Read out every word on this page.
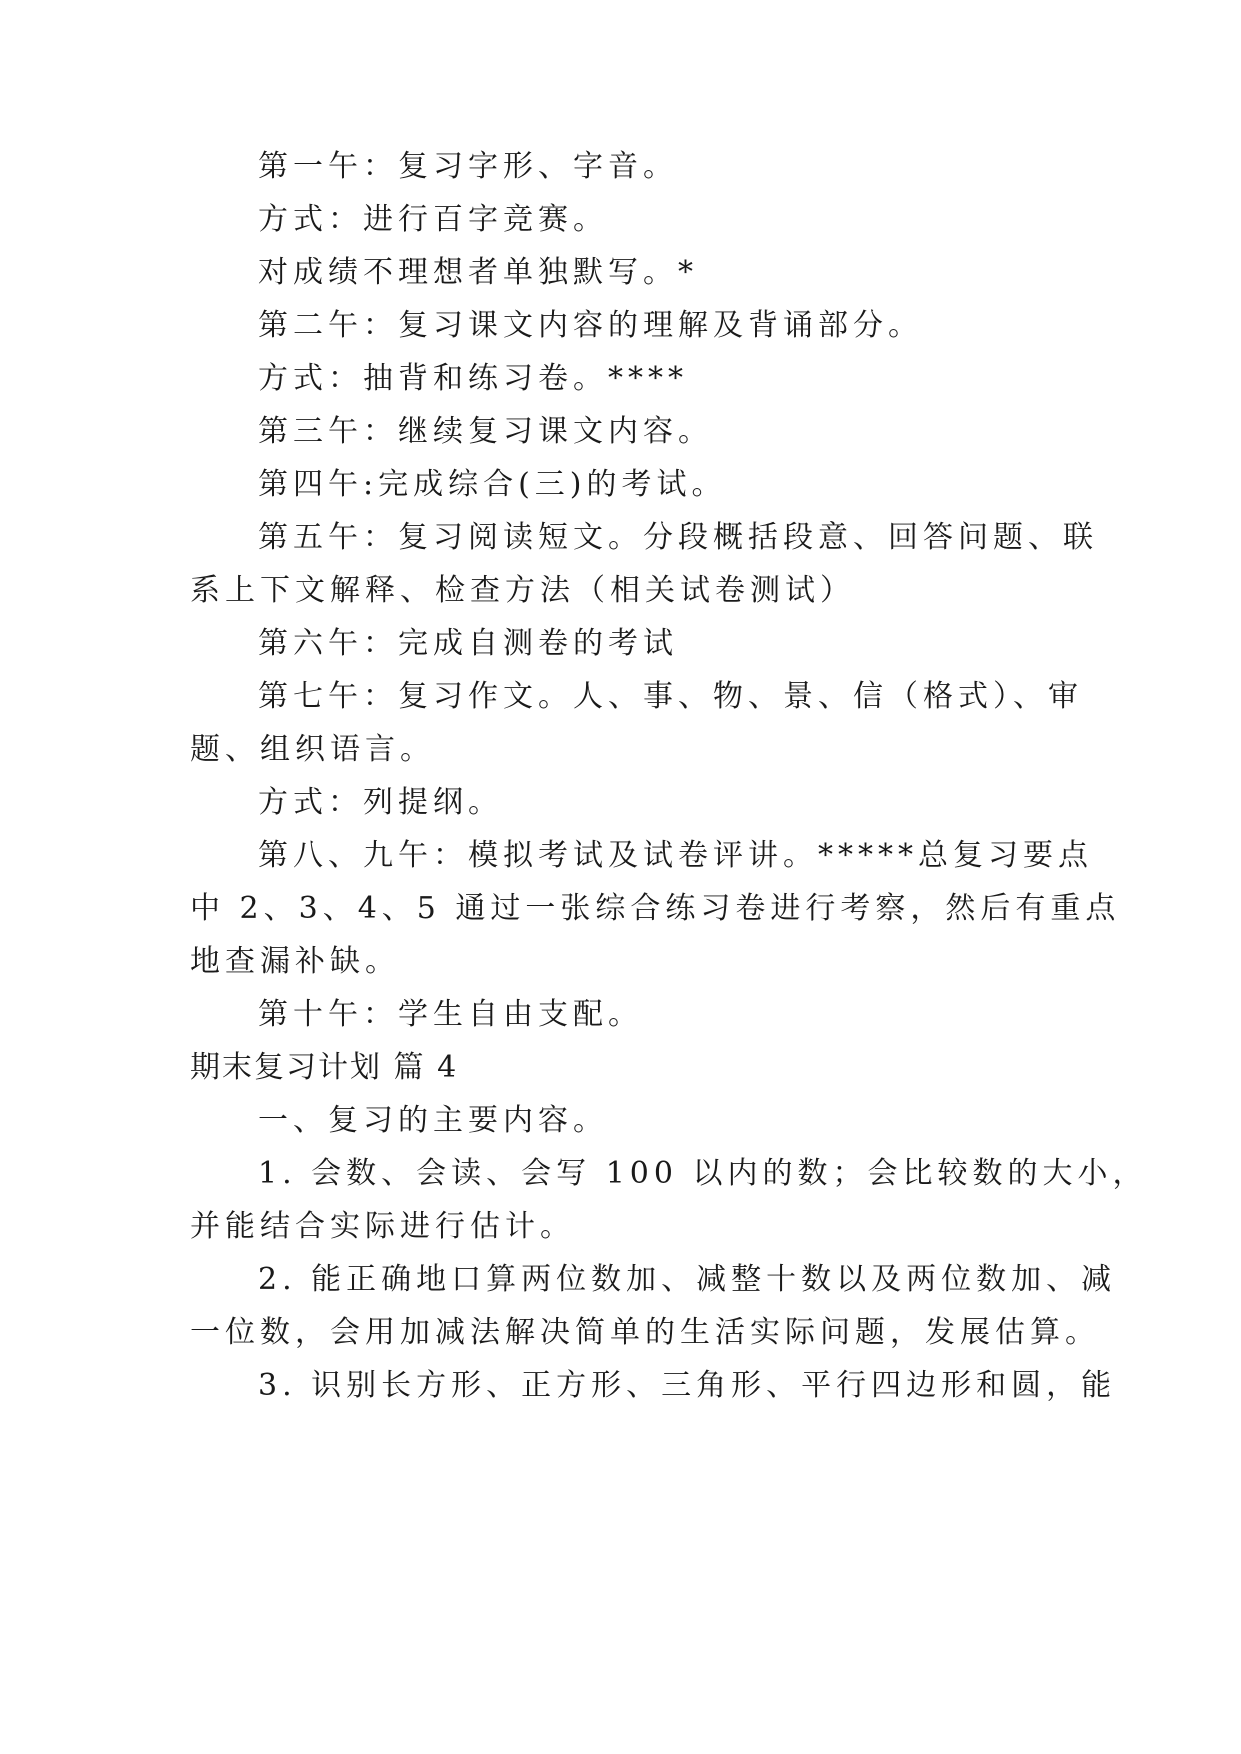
第一午：复习字形、字音。
方式：进行百字竞赛。
对成绩不理想者单独默写。*
第二午：复习课文内容的理解及背诵部分。
方式：抽背和练习卷。****
第三午：继续复习课文内容。
第四午:完成综合(三)的考试。
第五午：复习阅读短文。分段概括段意、回答问题、联
系上下文解释、检查方法（相关试卷测试）
第六午：完成自测卷的考试
第七午：复习作文。人、事、物、景、信（格式）、审
题、组织语言。
方式：列提纲。
第八、九午：模拟考试及试卷评讲。*****总复习要点
中 2、3、4、5 通过一张综合练习卷进行考察，然后有重点
地查漏补缺。
第十午：学生自由支配。
期末复习计划 篇 4
一、复习的主要内容。
1. 会数、会读、会写 100 以内的数；会比较数的大小，
并能结合实际进行估计。
2. 能正确地口算两位数加、减整十数以及两位数加、减
一位数，会用加减法解决简单的生活实际问题，发展估算。
3. 识别长方形、正方形、三角形、平行四边形和圆，能
